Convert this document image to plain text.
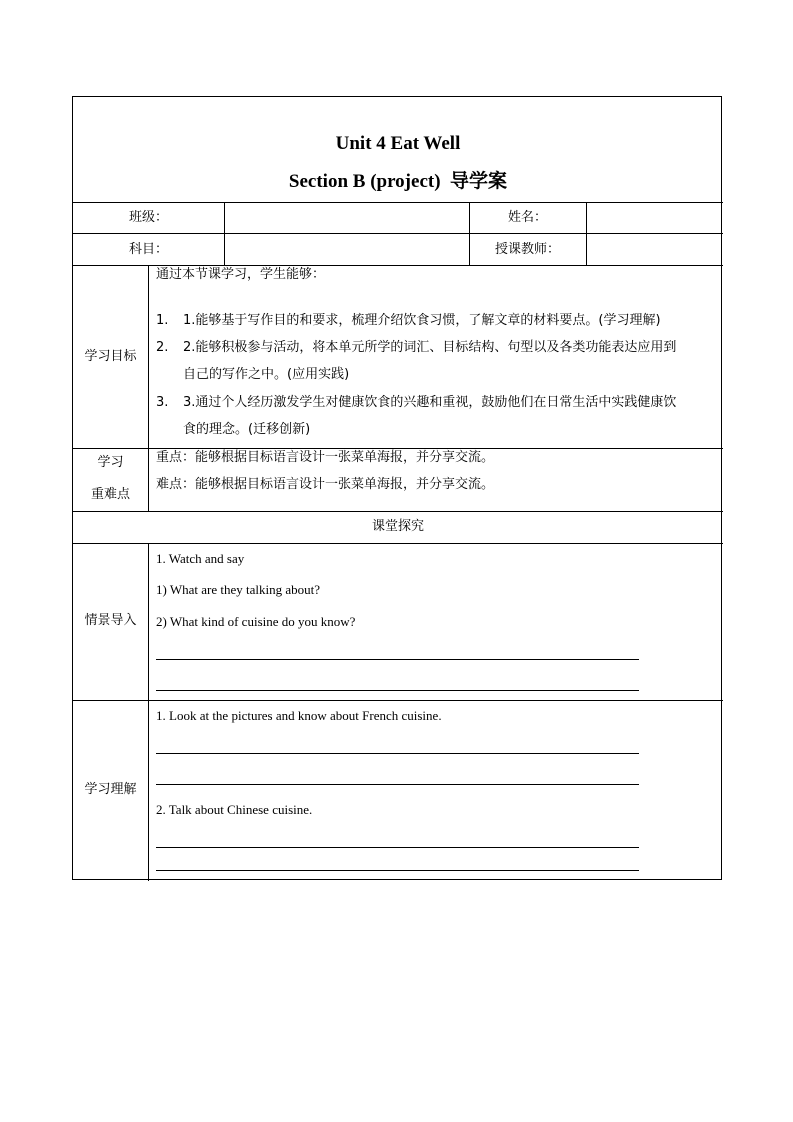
Unit 4 Eat Well
Section B (project) 导学案
班级：	姓名：
科目：	授课教师：
学习目标
通过本节课学习，学生能够：
1. 1.能够基于写作目的和要求，梳理介绍饮食习惯，了解文章的材料要点。(学习理解)
2. 2.能够积极参与活动，将本单元所学的词汇、目标结构、句型以及各类功能表达应用到
自己的写作之中。(应用实践)
3. 3.通过个人经历激发学生对健康饮食的兴趣和重视，鼓励他们在日常生活中实践健康饮
食的理念。(迁移创新)
学习
重难点
重点：能够根据目标语言设计一张菜单海报，并分享交流。
难点：能够根据目标语言设计一张菜单海报，并分享交流。
课堂探究
情景导入
1. Watch and say
1) What are they talking about?
2) What kind of cuisine do you know?
学习理解
1. Look at the pictures and know about French cuisine.
2. Talk about Chinese cuisine.
